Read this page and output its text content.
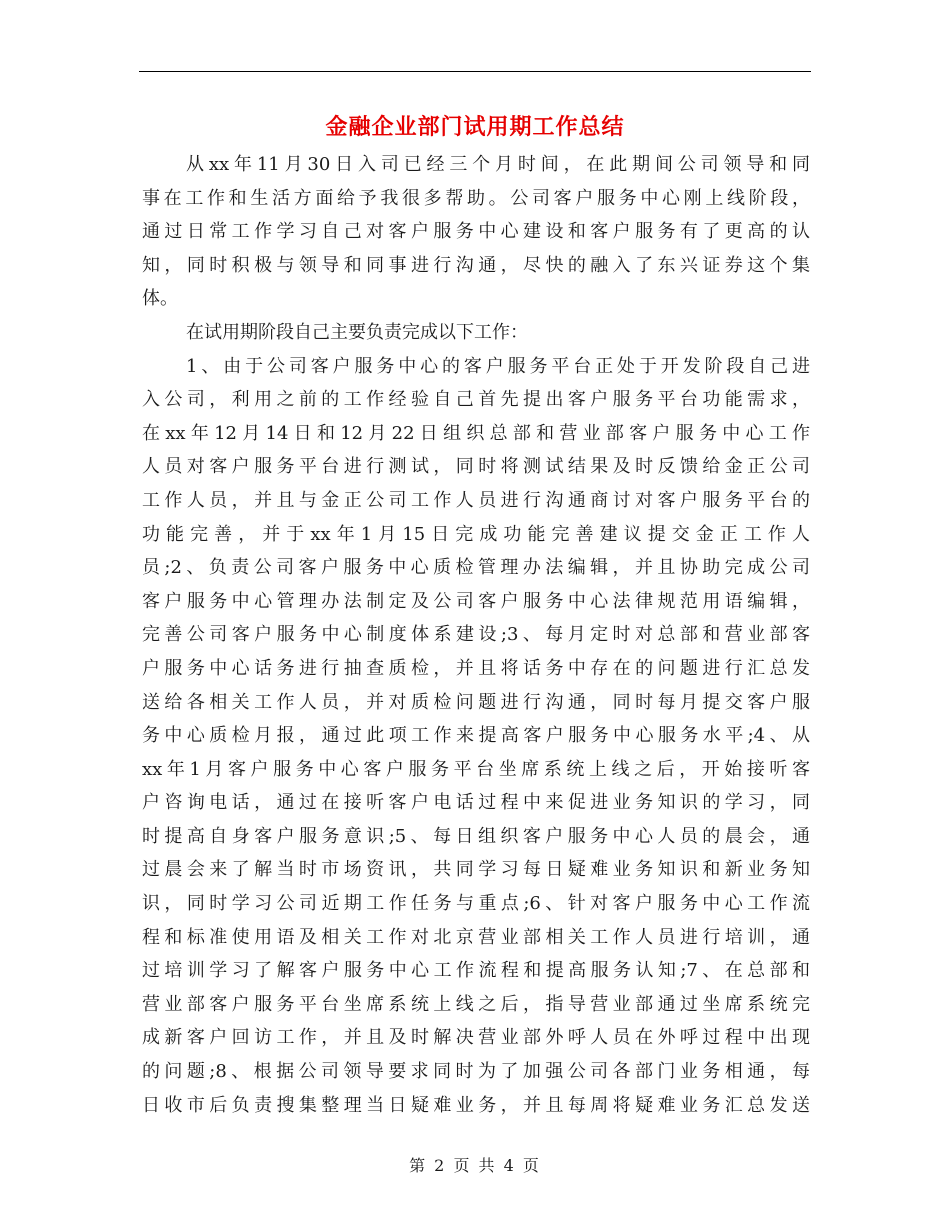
金融企业部门试用期工作总结
从xx年11月30日入司已经三个月时间，在此期间公司领导和同
事在工作和生活方面给予我很多帮助。公司客户服务中心刚上线阶段，
通过日常工作学习自己对客户服务中心建设和客户服务有了更高的认
知，同时积极与领导和同事进行沟通，尽快的融入了东兴证券这个集
体。
在试用期阶段自己主要负责完成以下工作：
1、由于公司客户服务中心的客户服务平台正处于开发阶段自己进
入公司，利用之前的工作经验自己首先提出客户服务平台功能需求，
在xx年12月14日和12月22日组织总部和营业部客户服务中心工作
人员对客户服务平台进行测试，同时将测试结果及时反馈给金正公司
工作人员，并且与金正公司工作人员进行沟通商讨对客户服务平台的
功能完善，并于xx年1月15日完成功能完善建议提交金正工作人
员;2、负责公司客户服务中心质检管理办法编辑，并且协助完成公司
客户服务中心管理办法制定及公司客户服务中心法律规范用语编辑，
完善公司客户服务中心制度体系建设;3、每月定时对总部和营业部客
户服务中心话务进行抽查质检，并且将话务中存在的问题进行汇总发
送给各相关工作人员，并对质检问题进行沟通，同时每月提交客户服
务中心质检月报，通过此项工作来提高客户服务中心服务水平;4、从
xx年1月客户服务中心客户服务平台坐席系统上线之后，开始接听客
户咨询电话，通过在接听客户电话过程中来促进业务知识的学习，同
时提高自身客户服务意识;5、每日组织客户服务中心人员的晨会，通
过晨会来了解当时市场资讯，共同学习每日疑难业务知识和新业务知
识，同时学习公司近期工作任务与重点;6、针对客户服务中心工作流
程和标准使用语及相关工作对北京营业部相关工作人员进行培训，通
过培训学习了解客户服务中心工作流程和提高服务认知;7、在总部和
营业部客户服务平台坐席系统上线之后，指导营业部通过坐席系统完
成新客户回访工作，并且及时解决营业部外呼人员在外呼过程中出现
的问题;8、根据公司领导要求同时为了加强公司各部门业务相通，每
日收市后负责搜集整理当日疑难业务，并且每周将疑难业务汇总发送
第 2 页 共 4 页
